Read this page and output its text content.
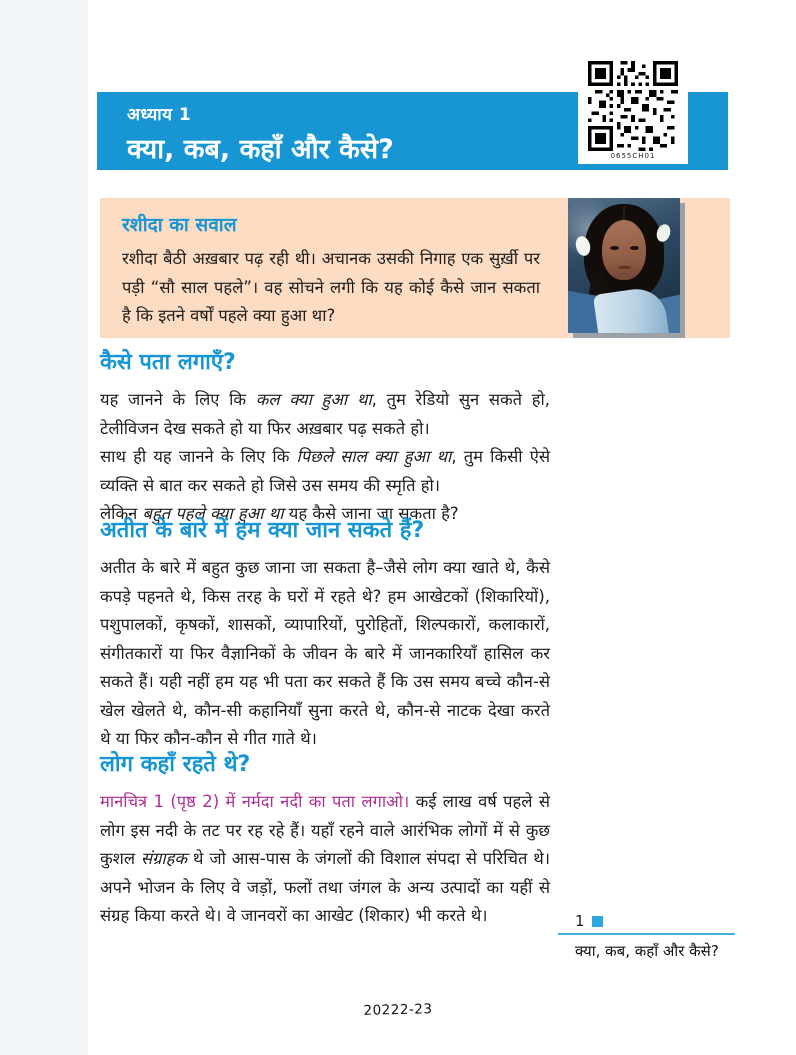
अध्याय 1
क्या, कब, कहाँ और कैसे?	0655CH01
रशीदा का सवाल
रशीदा बैठी अख़बार पढ़ रही थी। अचानक उसकी निगाह एक सुर्ख़ी पर पड़ी “सौ साल पहले”। वह सोचने लगी कि यह कोई कैसे जान सकता है कि इतने वर्षों पहले क्या हुआ था?
कैसे पता लगाएँ?

यह जानने के लिए कि कल क्या हुआ था, तुम रेडियो सुन सकते हो, टेलीविजन देख सकते हो या फिर अख़बार पढ़ सकते हो।

साथ ही यह जानने के लिए कि पिछले साल क्या हुआ था, तुम किसी ऐसे व्यक्ति से बात कर सकते हो जिसे उस समय की स्मृति हो।

लेकिन बहुत पहले क्या हुआ था यह कैसे जाना जा सकता है?

अतीत के बारे में हम क्या जान सकते हैं?

अतीत के बारे में बहुत कुछ जाना जा सकता है–जैसे लोग क्या खाते थे, कैसे कपड़े पहनते थे, किस तरह के घरों में रहते थे? हम आखेटकों (शिकारियों), पशुपालकों, कृषकों, शासकों, व्यापारियों, पुरोहितों, शिल्पकारों, कलाकारों, संगीतकारों या फिर वैज्ञानिकों के जीवन के बारे में जानकारियाँ हासिल कर सकते हैं। यही नहीं हम यह भी पता कर सकते हैं कि उस समय बच्चे कौन-से खेल खेलते थे, कौन-सी कहानियाँ सुना करते थे, कौन-से नाटक देखा करते थे या फिर कौन-कौन से गीत गाते थे।

लोग कहाँ रहते थे?

मानचित्र 1 (पृष्ठ 2) में नर्मदा नदी का पता लगाओ। कई लाख वर्ष पहले से लोग इस नदी के तट पर रह रहे हैं। यहाँ रहने वाले आरंभिक लोगों में से कुछ कुशल संग्राहक थे जो आस-पास के जंगलों की विशाल संपदा से परिचित थे। अपने भोजन के लिए वे जड़ों, फलों तथा जंगल के अन्य उत्पादों का यहीं से संग्रह किया करते थे। वे जानवरों का आखेट (शिकार) भी करते थे।	1
क्या, कब, कहाँ और कैसे?
20222-23
